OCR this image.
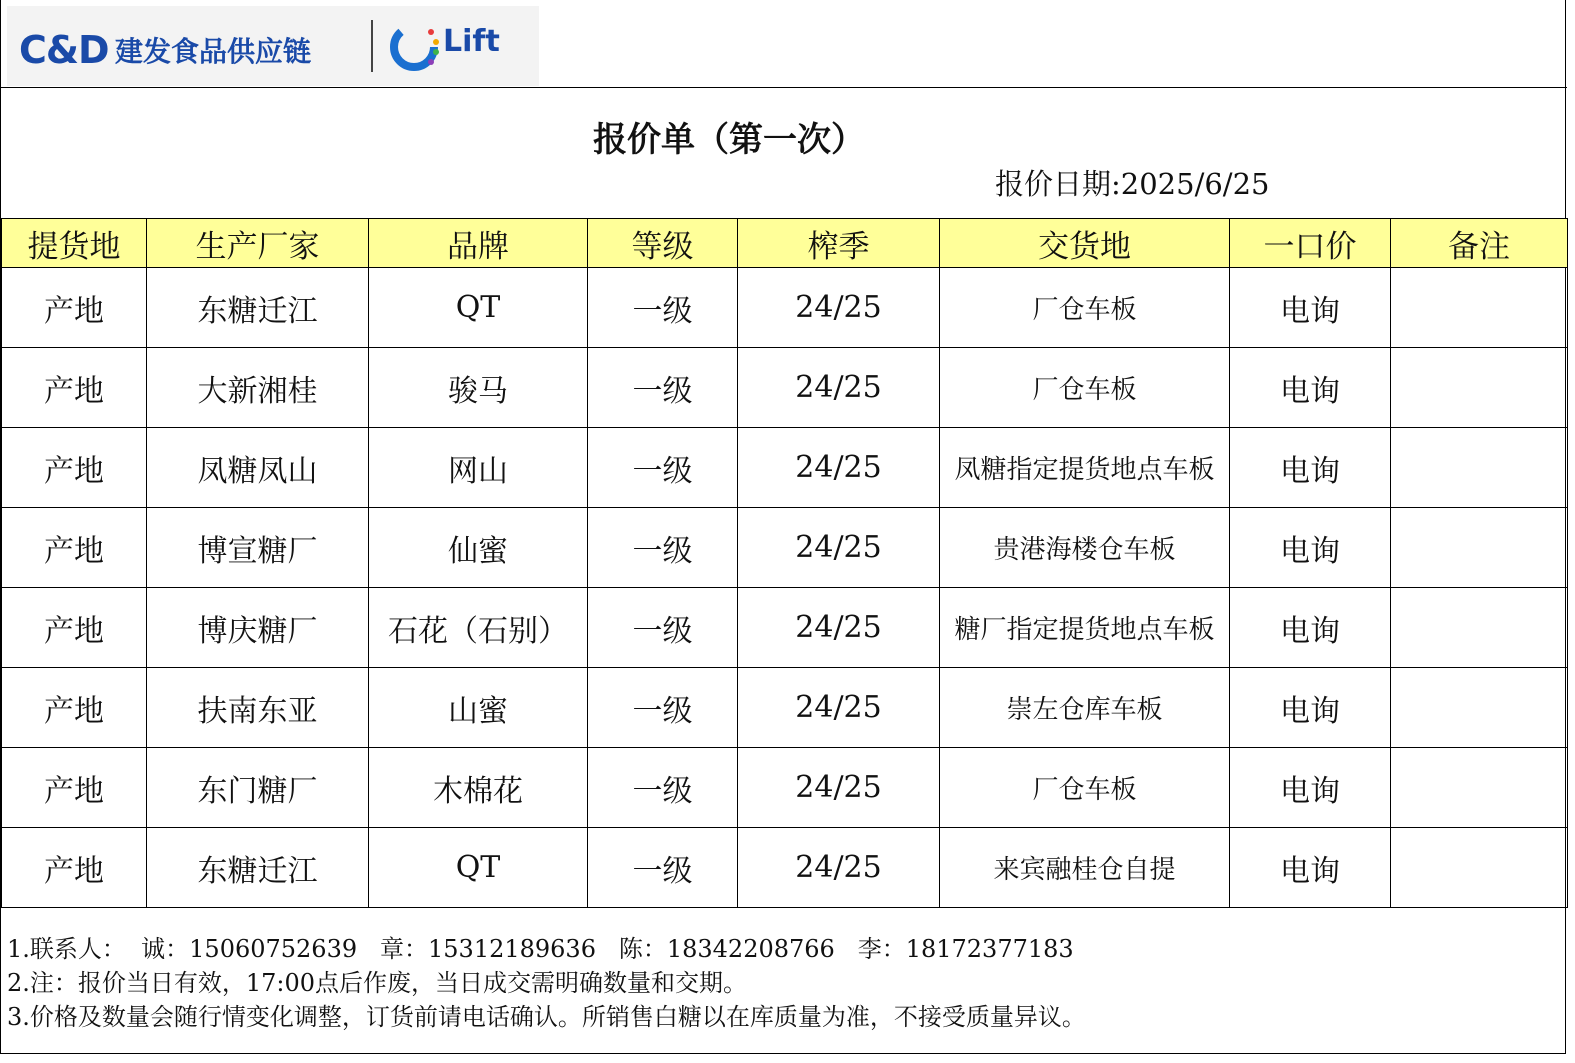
C&D 建发食品供应链	Lift
报价单（第一次）
报价日期:2025/6/25
提货地	生产厂家	品牌	等级	榨季	交货地	一口价	备注
产地	东糖迁江	QT	一级	24/25	厂仓车板	电询	
产地	大新湘桂	骏马	一级	24/25	厂仓车板	电询	
产地	凤糖凤山	网山	一级	24/25	凤糖指定提货地点车板	电询	
产地	博宣糖厂	仙蜜	一级	24/25	贵港海楼仓车板	电询	
产地	博庆糖厂	石花（石别）	一级	24/25	糖厂指定提货地点车板	电询	
产地	扶南东亚	山蜜	一级	24/25	崇左仓库车板	电询	
产地	东门糖厂	木棉花	一级	24/25	厂仓车板	电询	
产地	东糖迁江	QT	一级	24/25	来宾融桂仓自提	电询	
1.联系人：  诚：15060752639   章：15312189636   陈：18342208766   李：18172377183
2.注：报价当日有效，17:00点后作废，当日成交需明确数量和交期。
3.价格及数量会随行情变化调整，订货前请电话确认。所销售白糖以在库质量为准，不接受质量异议。
